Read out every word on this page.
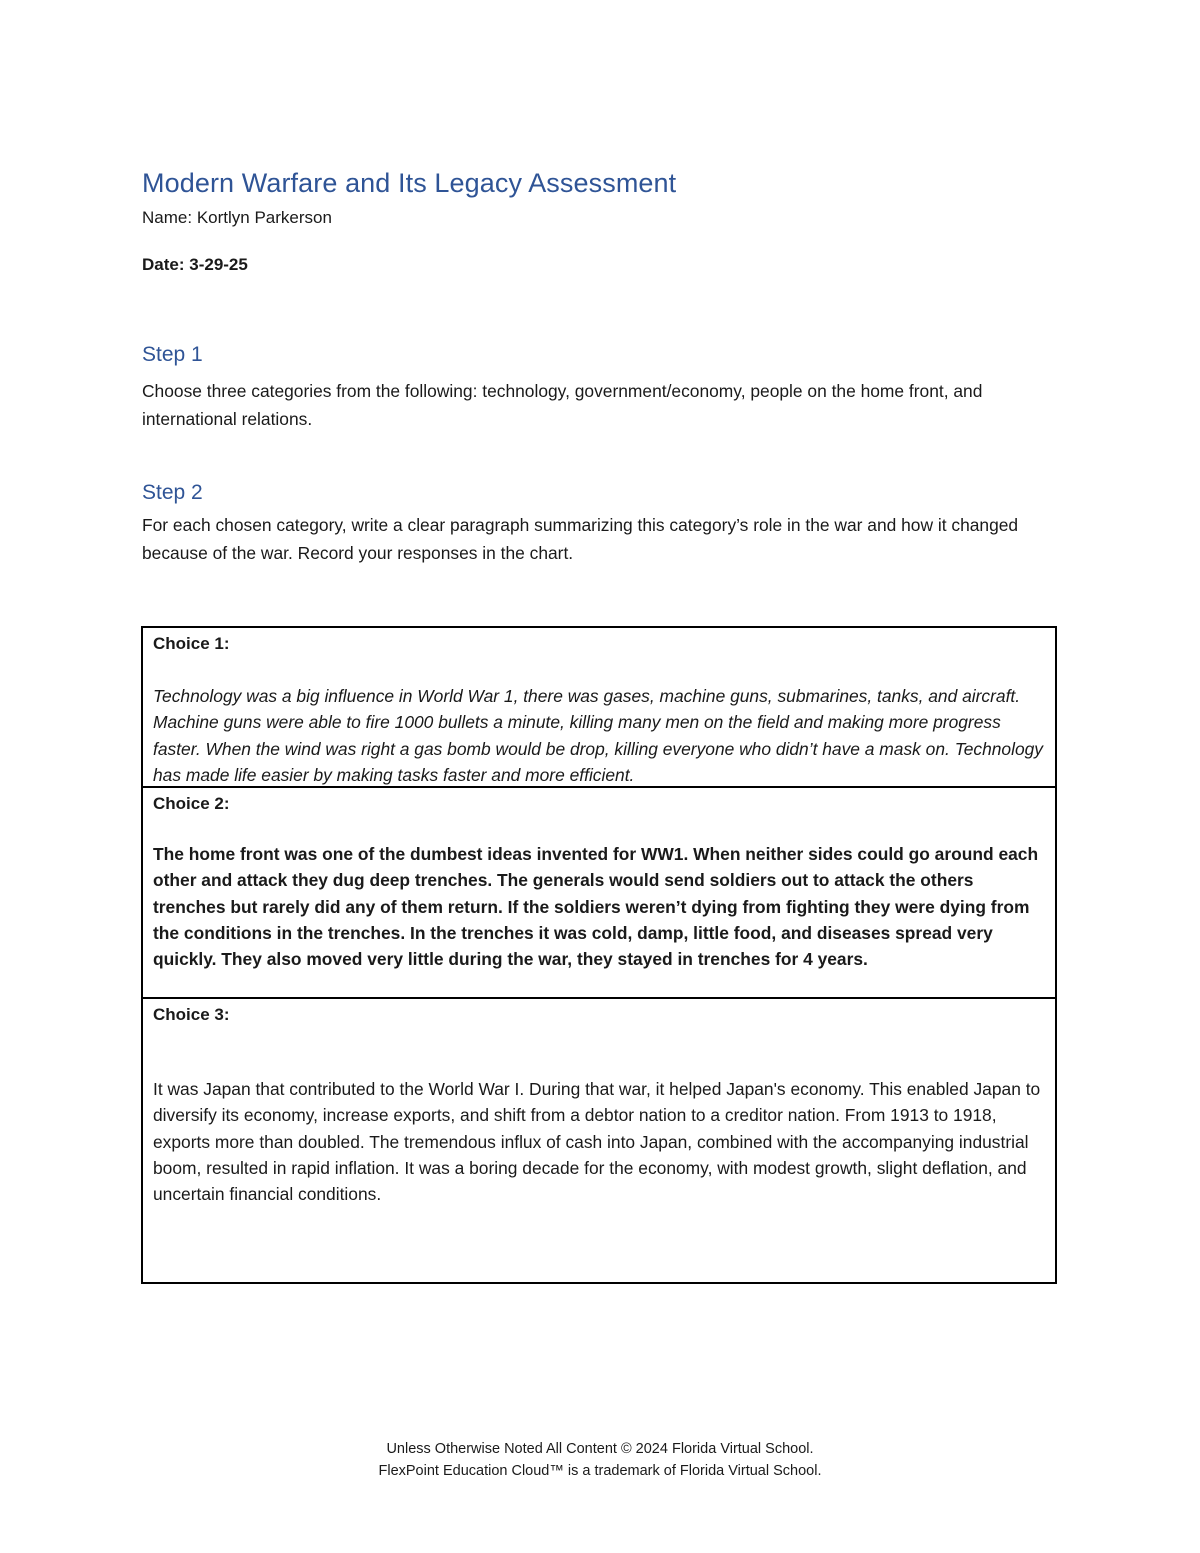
Modern Warfare and Its Legacy Assessment
Name: Kortlyn Parkerson
Date: 3-29-25
Step 1
Choose three categories from the following: technology, government/economy, people on the home front, and international relations.
Step 2
For each chosen category, write a clear paragraph summarizing this category’s role in the war and how it changed because of the war. Record your responses in the chart.
Choice 1:
Technology was a big influence in World War 1, there was gases, machine guns, submarines, tanks, and aircraft. Machine guns were able to fire 1000 bullets a minute, killing many men on the field and making more progress faster. When the wind was right a gas bomb would be drop, killing everyone who didn’t have a mask on. Technology has made life easier by making tasks faster and more efficient.
Choice 2:
The home front was one of the dumbest ideas invented for WW1. When neither sides could go around each other and attack they dug deep trenches. The generals would send soldiers out to attack the others trenches but rarely did any of them return. If the soldiers weren’t dying from fighting they were dying from the conditions in the trenches. In the trenches it was cold, damp, little food, and diseases spread very quickly. They also moved very little during the war, they stayed in trenches for 4 years.
Choice 3:
It was Japan that contributed to the World War I. During that war, it helped Japan's economy. This enabled Japan to diversify its economy, increase exports, and shift from a debtor nation to a creditor nation. From 1913 to 1918, exports more than doubled. The tremendous influx of cash into Japan, combined with the accompanying industrial boom, resulted in rapid inflation. It was a boring decade for the economy, with modest growth, slight deflation, and uncertain financial conditions.
Unless Otherwise Noted All Content © 2024 Florida Virtual School.
FlexPoint Education Cloud™ is a trademark of Florida Virtual School.
